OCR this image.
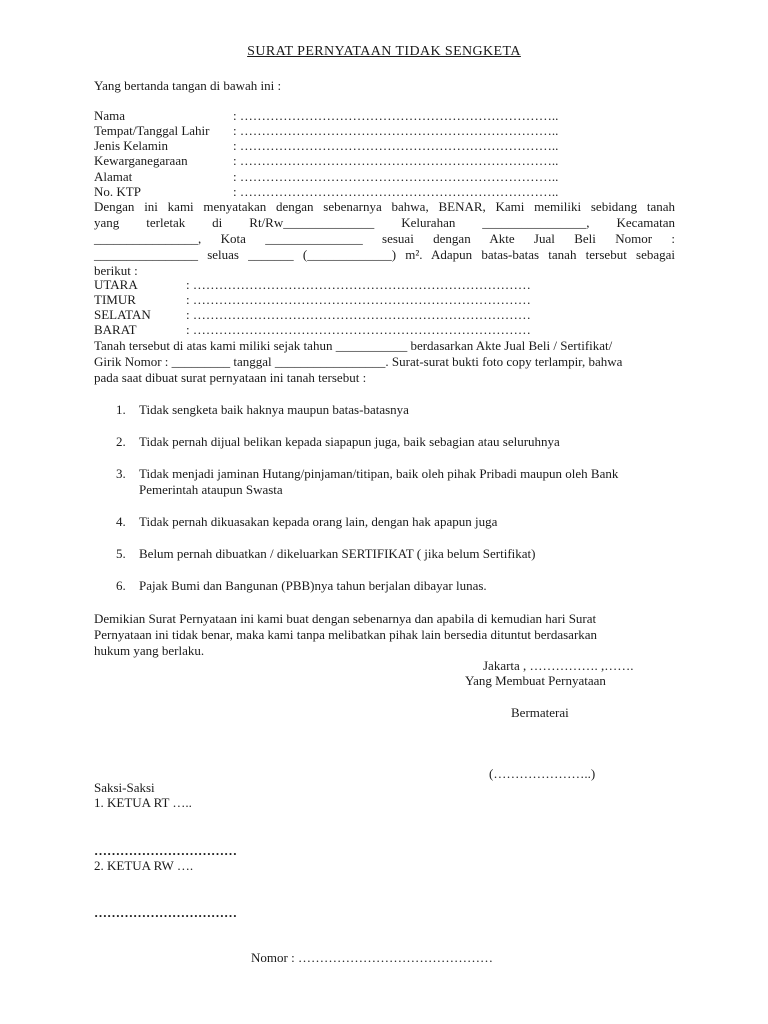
SURAT PERNYATAAN TIDAK SENGKETA
Yang bertanda tangan di bawah ini :
Nama	: ………………………………………………………………..
Tempat/Tanggal Lahir : ………………………………………………………………..
Jenis Kelamin	: ………………………………………………………………..
Kewarganegaraan	: ………………………………………………………………..
Alamat	: ………………………………………………………………..
No. KTP	: ………………………………………………………………..
Dengan ini kami menyatakan dengan sebenarnya bahwa, BENAR, Kami memiliki sebidang tanah
yang terletak di Rt/Rw______________ Kelurahan ________________, Kecamatan
________________, Kota _______________ sesuai dengan Akte Jual Beli Nomor :
________________ seluas _______ (_____________) m². Adapun batas-batas tanah tersebut sebagai
berikut :
UTARA	: ……………………………………………………………………
TIMUR	: ……………………………………………………………………
SELATAN	: ……………………………………………………………………
BARAT	: ……………………………………………………………………
Tanah tersebut di atas kami miliki sejak tahun ___________ berdasarkan Akte Jual Beli / Sertifikat/
Girik Nomor : _________ tanggal _________________. Surat-surat bukti foto copy terlampir, bahwa
pada saat dibuat surat pernyataan ini tanah tersebut :
1. Tidak sengketa baik haknya maupun batas-batasnya
2. Tidak pernah dijual belikan kepada siapapun juga, baik sebagian atau seluruhnya
3. Tidak menjadi jaminan Hutang/pinjaman/titipan, baik oleh pihak Pribadi maupun oleh Bank
Pemerintah ataupun Swasta
4. Tidak pernah dikuasakan kepada orang lain, dengan hak apapun juga
5. Belum pernah dibuatkan / dikeluarkan SERTIFIKAT ( jika belum Sertifikat)
6. Pajak Bumi dan Bangunan (PBB)nya tahun berjalan dibayar lunas.
Demikian Surat Pernyataan ini kami buat dengan sebenarnya dan apabila di kemudian hari Surat
Pernyataan ini tidak benar, maka kami tanpa melibatkan pihak lain bersedia dituntut berdasarkan
hukum yang berlaku.
Jakarta , ……………. ,…….
Yang Membuat Pernyataan
Bermaterai
(…………………..)
Saksi-Saksi
1. KETUA RT …..
……………………………
2. KETUA RW ….
……………………………
Nomor : ………………………………………
